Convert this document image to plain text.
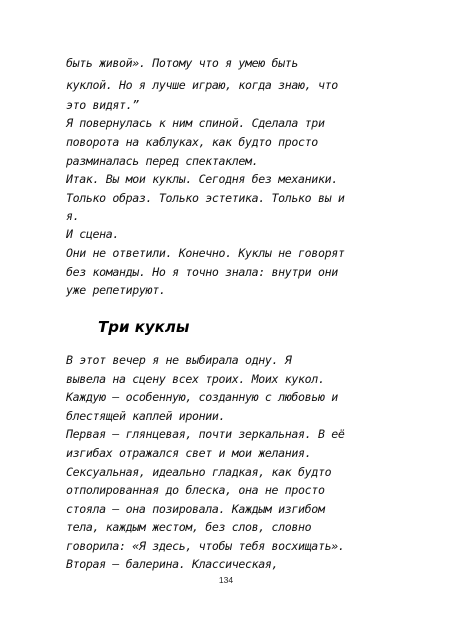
быть живой». Потому что я умею быть
куклой. Но я лучше играю, когда знаю, что
это видят.”
Я повернулась к ним спиной. Сделала три
поворота на каблуках, как будто просто
разминалась перед спектаклем.
Итак. Вы мои куклы. Сегодня без механики.
Только образ. Только эстетика. Только вы и
я.
И сцена.
Они не ответили. Конечно. Куклы не говорят
без команды. Но я точно знала: внутри они
уже репетируют.
Три куклы
В этот вечер я не выбирала одну. Я
вывела на сцену всех троих. Моих кукол.
Каждую – особенную, созданную с любовью и
блестящей каплей иронии.
Первая – глянцевая, почти зеркальная. В её
изгибах отражался свет и мои желания.
Сексуальная, идеально гладкая, как будто
отполированная до блеска, она не просто
стояла – она позировала. Каждым изгибом
тела, каждым жестом, без слов, словно
говорила: «Я здесь, чтобы тебя восхищать».
Вторая – балерина. Классическая,
134
